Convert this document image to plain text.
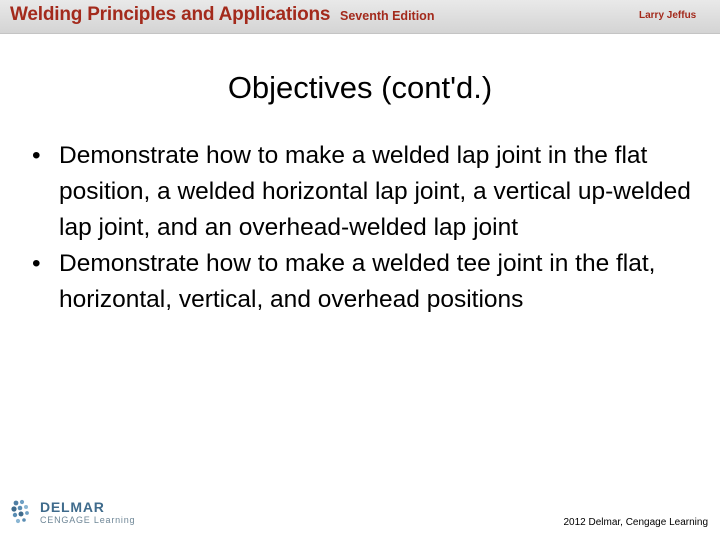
Welding Principles and Applications Seventh Edition	Larry Jeffus
Objectives (cont'd.)
• Demonstrate how to make a welded lap joint in the flat position, a welded horizontal lap joint, a vertical up-welded lap joint, and an overhead-welded lap joint
• Demonstrate how to make a welded tee joint in the flat, horizontal, vertical, and overhead positions
DELMAR
CENGAGE Learning	2012 Delmar, Cengage Learning
